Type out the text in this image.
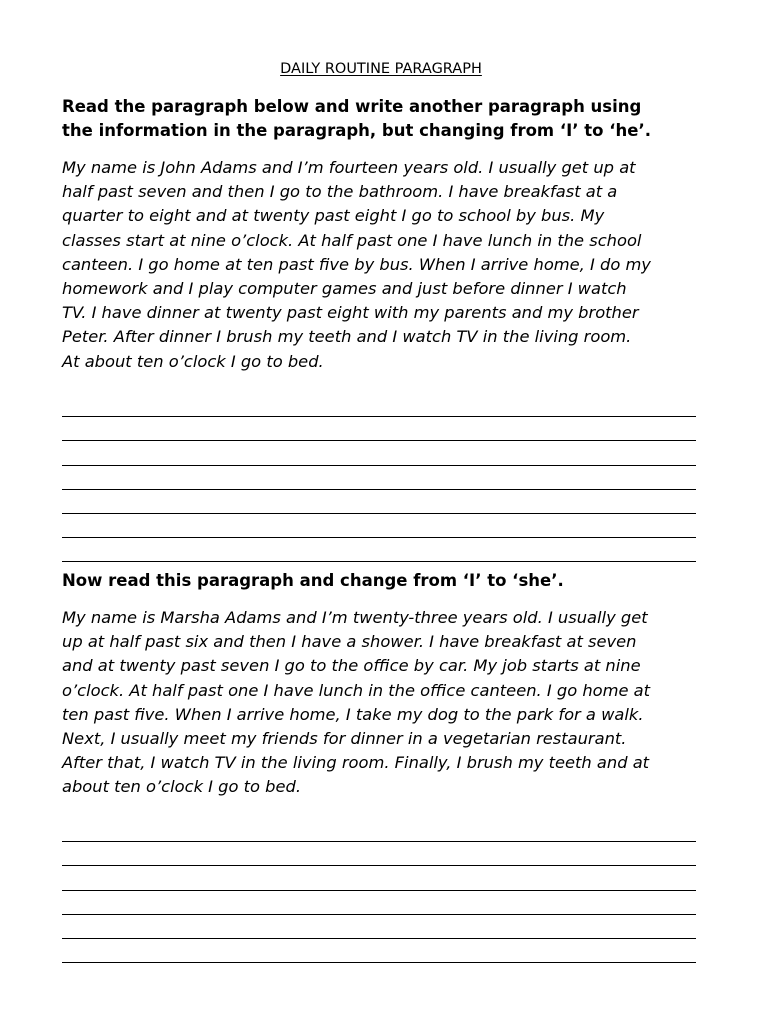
DAILY ROUTINE PARAGRAPH
Read the paragraph below and write another paragraph using
the information in the paragraph, but changing from ‘I’ to ‘he’.
My name is John Adams and I’m fourteen years old. I usually get up at
half past seven and then I go to the bathroom. I have breakfast at a
quarter to eight and at twenty past eight I go to school by bus. My
classes start at nine o’clock. At half past one I have lunch in the school
canteen. I go home at ten past five by bus. When I arrive home, I do my
homework and I play computer games and just before dinner I watch
TV. I have dinner at twenty past eight with my parents and my brother
Peter. After dinner I brush my teeth and I watch TV in the living room.
At about ten o’clock I go to bed.
Now read this paragraph and change from ‘I’ to ‘she’.
My name is Marsha Adams and I’m twenty-three years old. I usually get
up at half past six and then I have a shower. I have breakfast at seven
and at twenty past seven I go to the office by car. My job starts at nine
o’clock. At half past one I have lunch in the office canteen. I go home at
ten past five. When I arrive home, I take my dog to the park for a walk.
Next, I usually meet my friends for dinner in a vegetarian restaurant.
After that, I watch TV in the living room. Finally, I brush my teeth and at
about ten o’clock I go to bed.
